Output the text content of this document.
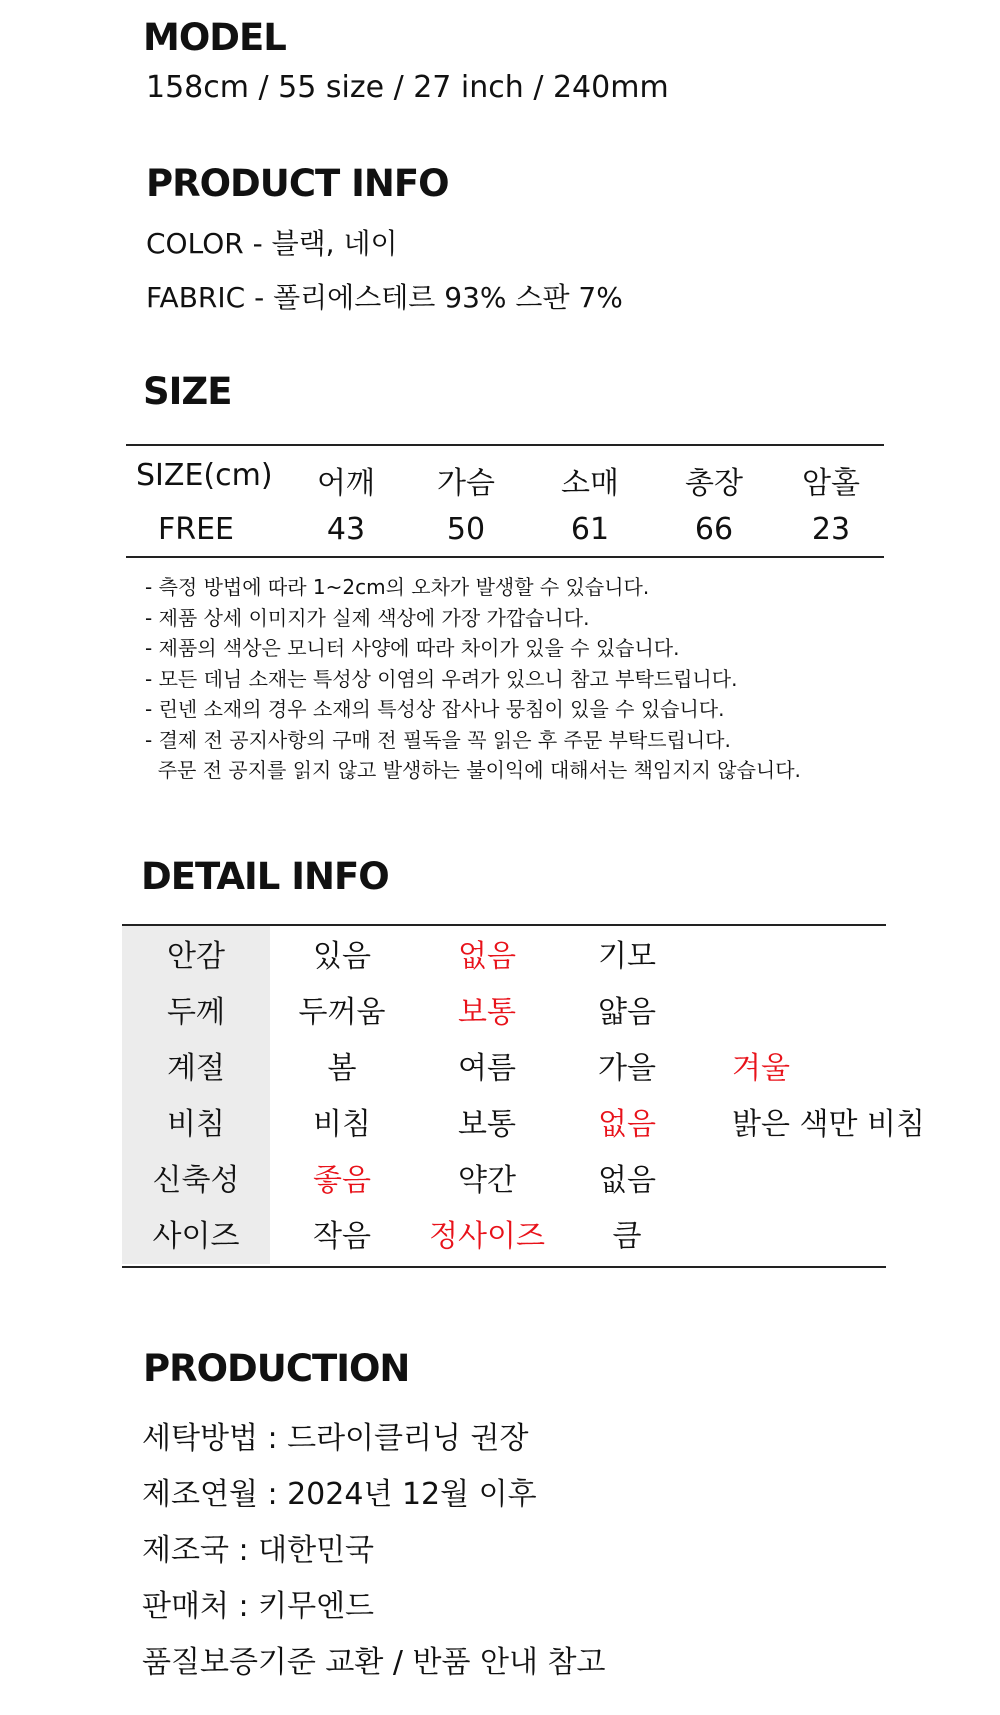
MODEL
158cm / 55 size / 27 inch / 240mm
PRODUCT INFO
COLOR - 블랙, 네이
FABRIC - 폴리에스테르 93% 스판 7%
SIZE
SIZE(cm)	어깨	가슴	소매	총장	암홀
FREE	43	50	61	66	23
- 측정 방법에 따라 1~2cm의 오차가 발생할 수 있습니다.
- 제품 상세 이미지가 실제 색상에 가장 가깝습니다.
- 제품의 색상은 모니터 사양에 따라 차이가 있을 수 있습니다.
- 모든 데님 소재는 특성상 이염의 우려가 있으니 참고 부탁드립니다.
- 린넨 소재의 경우 소재의 특성상 잡사나 뭉침이 있을 수 있습니다.
- 결제 전 공지사항의 구매 전 필독을 꼭 읽은 후 주문 부탁드립니다.
주문 전 공지를 읽지 않고 발생하는 불이익에 대해서는 책임지지 않습니다.
DETAIL INFO
안감	있음	없음	기모
두께	두꺼움	보통	얇음
계절	봄	여름	가을	겨울
비침	비침	보통	없음	밝은 색만 비침
신축성	좋음	약간	없음
사이즈	작음	정사이즈	큼
PRODUCTION
세탁방법 : 드라이클리닝 권장
제조연월 : 2024년 12월 이후
제조국 : 대한민국
판매처 : 키무엔드
품질보증기준 교환 / 반품 안내 참고
